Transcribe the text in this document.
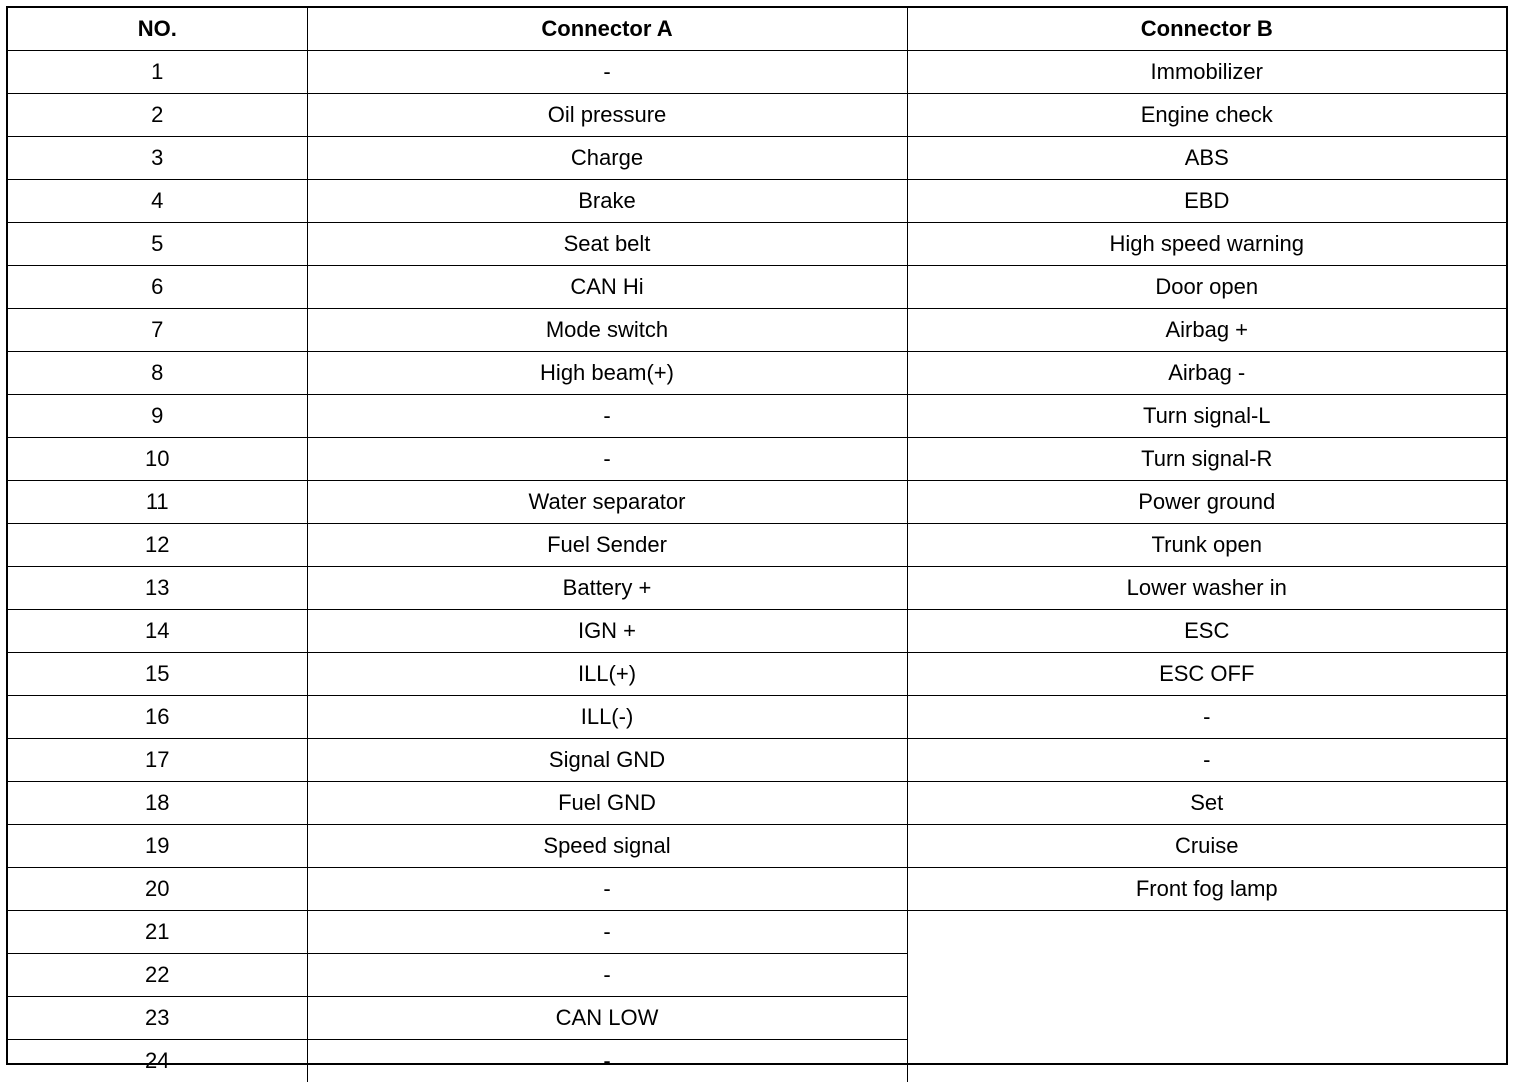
NO.	Connector A	Connector B
1	-	Immobilizer
2	Oil pressure	Engine check
3	Charge	ABS
4	Brake	EBD
5	Seat belt	High speed warning
6	CAN Hi	Door open
7	Mode switch	Airbag +
8	High beam(+)	Airbag -
9	-	Turn signal-L
10	-	Turn signal-R
11	Water separator	Power ground
12	Fuel Sender	Trunk open
13	Battery +	Lower washer in
14	IGN +	ESC
15	ILL(+)	ESC OFF
16	ILL(-)	-
17	Signal GND	-
18	Fuel GND	Set
19	Speed signal	Cruise
20	-	Front fog lamp
21	-	
22	-	
23	CAN LOW	
24	-	
